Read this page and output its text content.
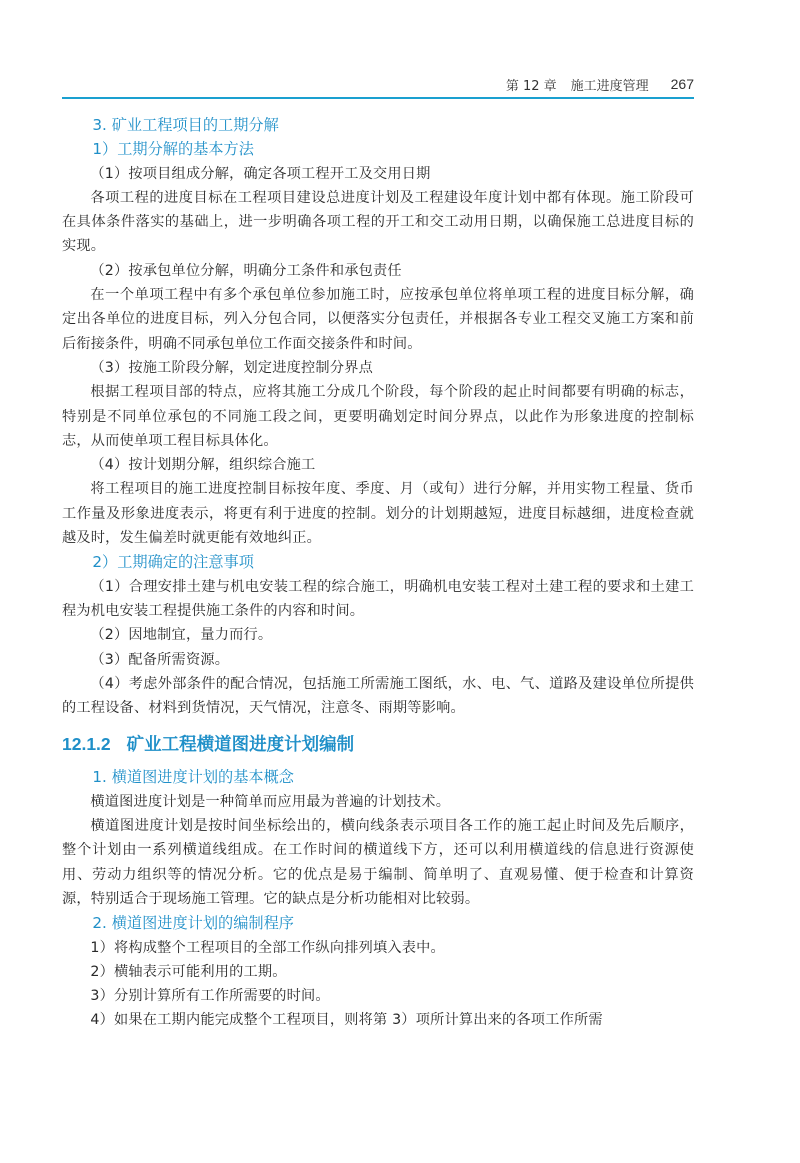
第 12 章 施工进度管理 267

3. 矿业工程项目的工期分解

1）工期分解的基本方法

（1）按项目组成分解，确定各项工程开工及交用日期

各项工程的进度目标在工程项目建设总进度计划及工程建设年度计划中都有体现。施工阶段可在具体条件落实的基础上，进一步明确各项工程的开工和交工动用日期，以确保施工总进度目标的实现。

（2）按承包单位分解，明确分工条件和承包责任

在一个单项工程中有多个承包单位参加施工时，应按承包单位将单项工程的进度目标分解，确定出各单位的进度目标，列入分包合同，以便落实分包责任，并根据各专业工程交叉施工方案和前后衔接条件，明确不同承包单位工作面交接条件和时间。

（3）按施工阶段分解，划定进度控制分界点

根据工程项目部的特点，应将其施工分成几个阶段，每个阶段的起止时间都要有明确的标志，特别是不同单位承包的不同施工段之间，更要明确划定时间分界点，以此作为形象进度的控制标志，从而使单项工程目标具体化。

（4）按计划期分解，组织综合施工

将工程项目的施工进度控制目标按年度、季度、月（或旬）进行分解，并用实物工程量、货币工作量及形象进度表示，将更有利于进度的控制。划分的计划期越短，进度目标越细，进度检查就越及时，发生偏差时就更能有效地纠正。

2）工期确定的注意事项

（1）合理安排土建与机电安装工程的综合施工，明确机电安装工程对土建工程的要求和土建工程为机电安装工程提供施工条件的内容和时间。

（2）因地制宜，量力而行。

（3）配备所需资源。

（4）考虑外部条件的配合情况，包括施工所需施工图纸，水、电、气、道路及建设单位所提供的工程设备、材料到货情况，天气情况，注意冬、雨期等影响。

12.1.2 矿业工程横道图进度计划编制

1. 横道图进度计划的基本概念

横道图进度计划是一种简单而应用最为普遍的计划技术。

横道图进度计划是按时间坐标绘出的，横向线条表示项目各工作的施工起止时间及先后顺序，整个计划由一系列横道线组成。在工作时间的横道线下方，还可以利用横道线的信息进行资源使用、劳动力组织等的情况分析。它的优点是易于编制、简单明了、直观易懂、便于检查和计算资源，特别适合于现场施工管理。它的缺点是分析功能相对比较弱。

2. 横道图进度计划的编制程序

1）将构成整个工程项目的全部工作纵向排列填入表中。

2）横轴表示可能利用的工期。

3）分别计算所有工作所需要的时间。

4）如果在工期内能完成整个工程项目，则将第 3）项所计算出来的各项工作所需
